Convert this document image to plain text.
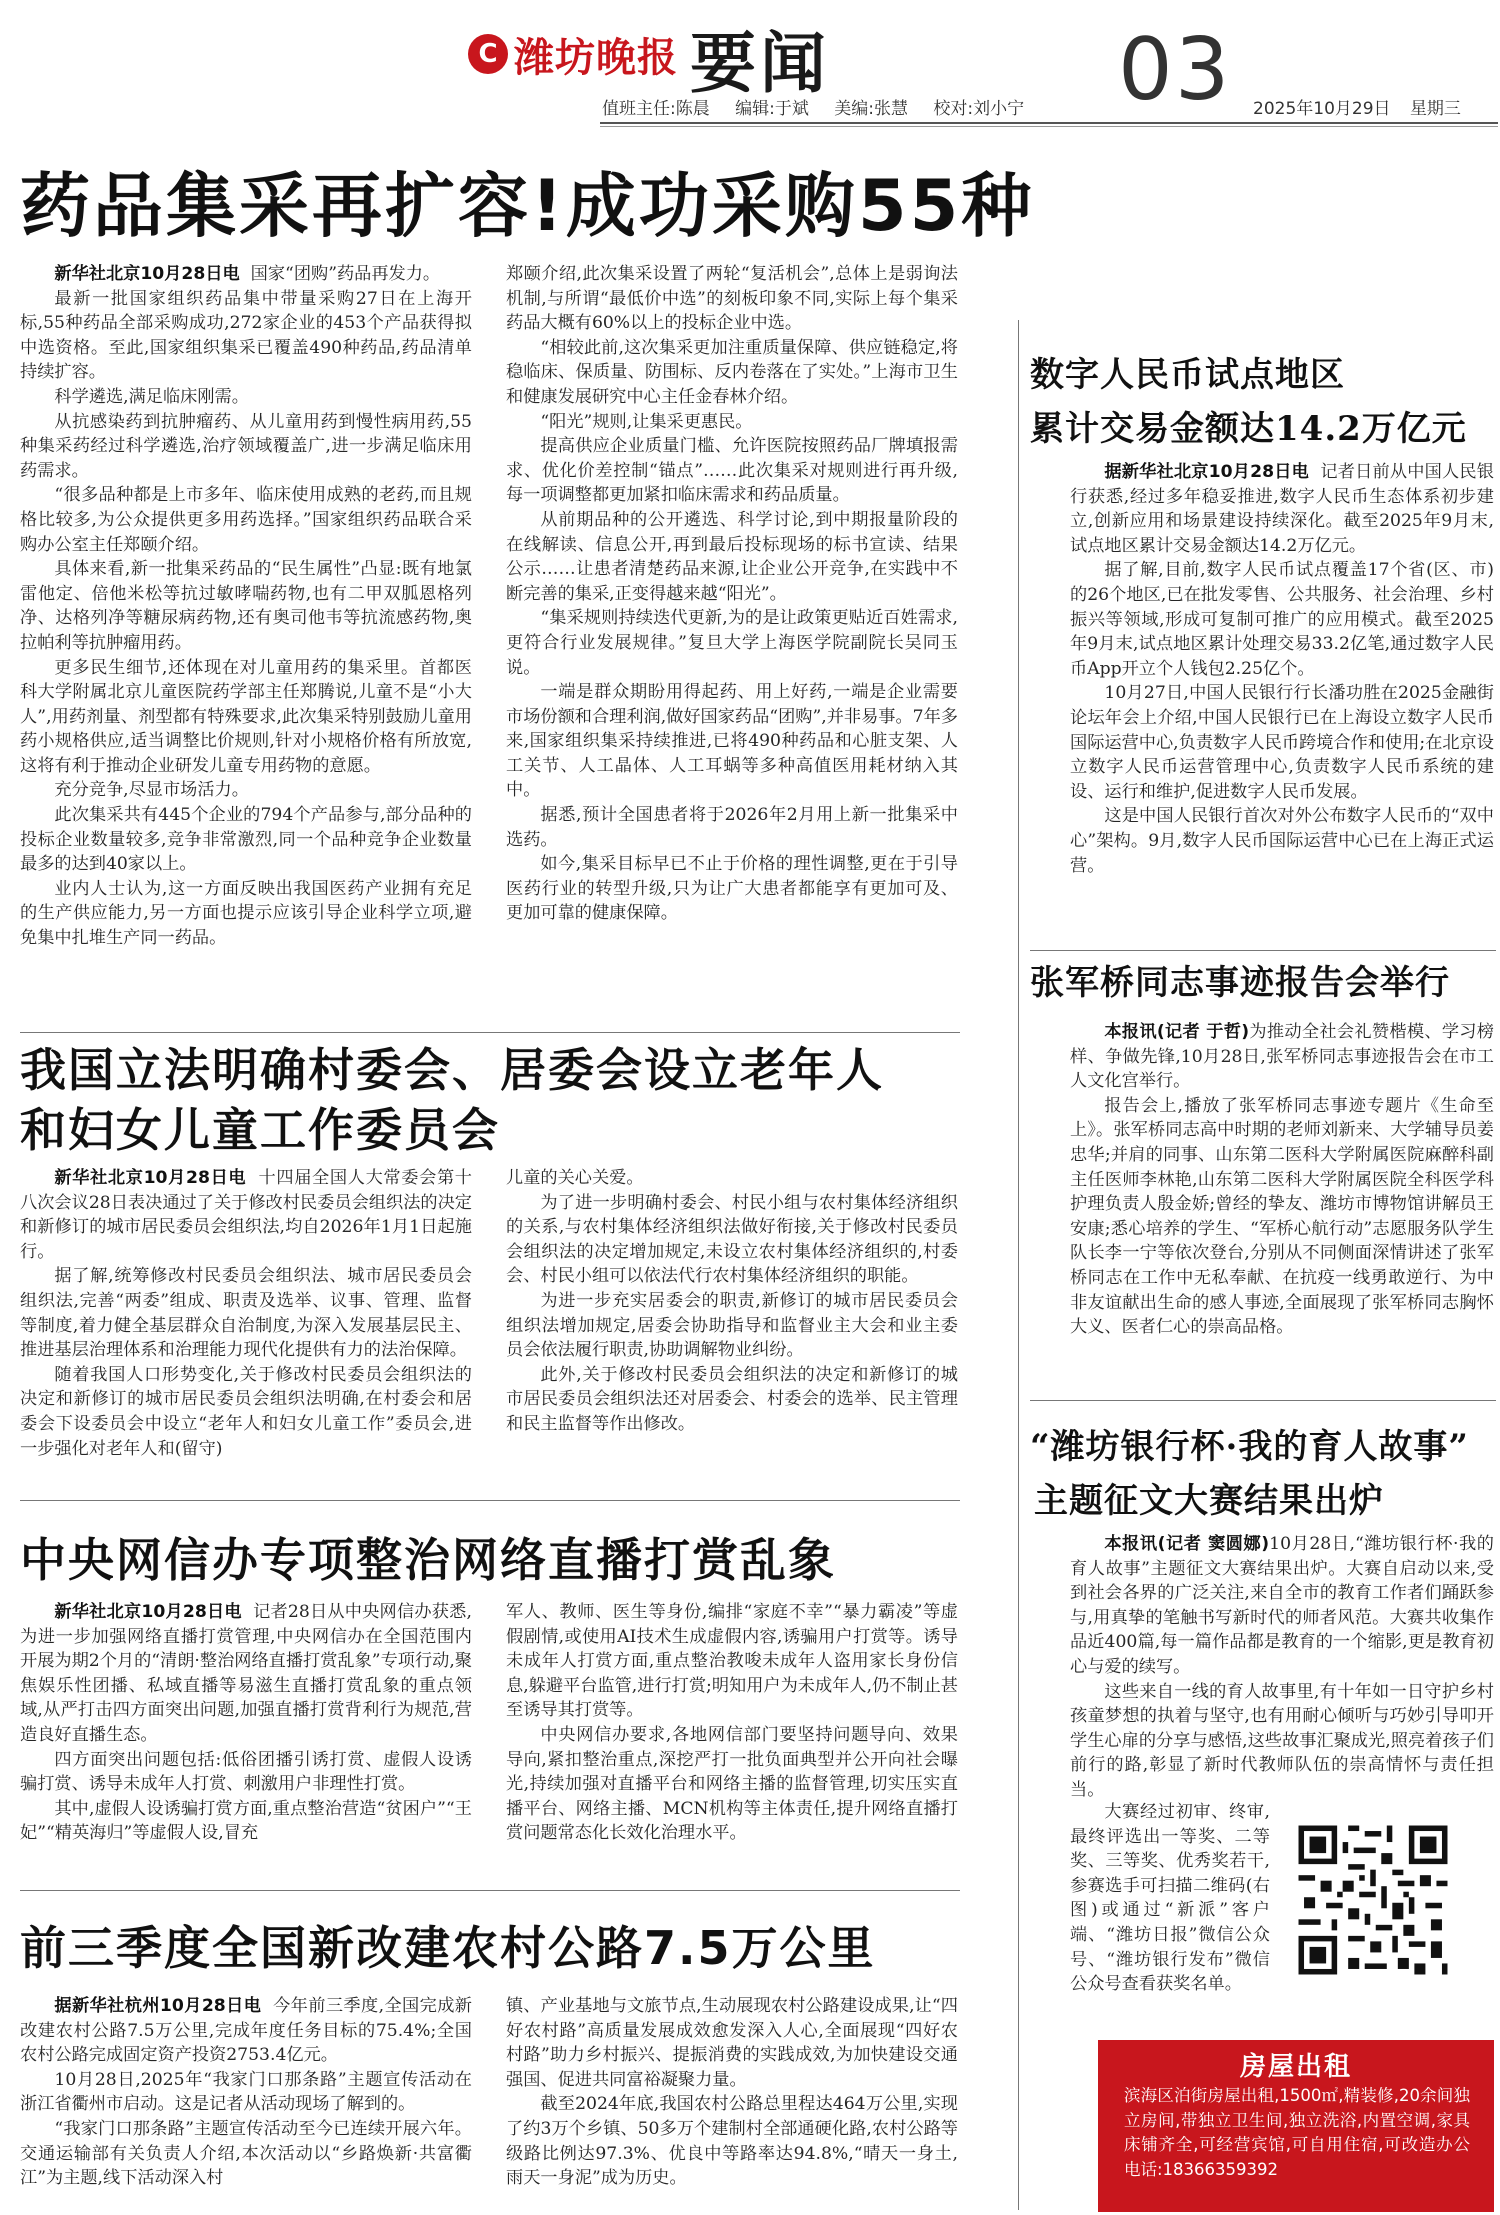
C 潍坊晚报 要闻	03
值班主任:陈晨 编辑:于斌 美编:张慧 校对:刘小宁	2025年10月29日 星期三
药品集采再扩容!成功采购55种

新华社北京10月28日电 国家“团购”药品再发力。

最新一批国家组织药品集中带量采购27日在上海开标,55种药品全部采购成功,272家企业的453个产品获得拟中选资格。至此,国家组织集采已覆盖490种药品,药品清单持续扩容。

科学遴选,满足临床刚需。

从抗感染药到抗肿瘤药、从儿童用药到慢性病用药,55种集采药经过科学遴选,治疗领域覆盖广,进一步满足临床用药需求。

“很多品种都是上市多年、临床使用成熟的老药,而且规格比较多,为公众提供更多用药选择。”国家组织药品联合采购办公室主任郑颐介绍。

具体来看,新一批集采药品的“民生属性”凸显:既有地氯雷他定、倍他米松等抗过敏哮喘药物,也有二甲双胍恩格列净、达格列净等糖尿病药物,还有奥司他韦等抗流感药物,奥拉帕利等抗肿瘤用药。

更多民生细节,还体现在对儿童用药的集采里。首都医科大学附属北京儿童医院药学部主任郑腾说,儿童不是“小大人”,用药剂量、剂型都有特殊要求,此次集采特别鼓励儿童用药小规格供应,适当调整比价规则,针对小规格价格有所放宽,这将有利于推动企业研发儿童专用药物的意愿。

充分竞争,尽显市场活力。

此次集采共有445个企业的794个产品参与,部分品种的投标企业数量较多,竞争非常激烈,同一个品种竞争企业数量最多的达到40家以上。

业内人士认为,这一方面反映出我国医药产业拥有充足的生产供应能力,另一方面也提示应该引导企业科学立项,避免集中扎堆生产同一药品。

郑颐介绍,此次集采设置了两轮“复活机会”,总体上是弱询法机制,与所谓“最低价中选”的刻板印象不同,实际上每个集采药品大概有60%以上的投标企业中选。

“相较此前,这次集采更加注重质量保障、供应链稳定,将稳临床、保质量、防围标、反内卷落在了实处。”上海市卫生和健康发展研究中心主任金春林介绍。

“阳光”规则,让集采更惠民。

提高供应企业质量门槛、允许医院按照药品厂牌填报需求、优化价差控制“锚点”……此次集采对规则进行再升级,每一项调整都更加紧扣临床需求和药品质量。

从前期品种的公开遴选、科学讨论,到中期报量阶段的在线解读、信息公开,再到最后投标现场的标书宣读、结果公示……让患者清楚药品来源,让企业公开竞争,在实践中不断完善的集采,正变得越来越“阳光”。

“集采规则持续迭代更新,为的是让政策更贴近百姓需求,更符合行业发展规律。”复旦大学上海医学院副院长吴同玉说。

一端是群众期盼用得起药、用上好药,一端是企业需要市场份额和合理利润,做好国家药品“团购”,并非易事。7年多来,国家组织集采持续推进,已将490种药品和心脏支架、人工关节、人工晶体、人工耳蜗等多种高值医用耗材纳入其中。

据悉,预计全国患者将于2026年2月用上新一批集采中选药。

如今,集采目标早已不止于价格的理性调整,更在于引导医药行业的转型升级,只为让广大患者都能享有更加可及、更加可靠的健康保障。

我国立法明确村委会、居委会设立老年人
和妇女儿童工作委员会

新华社北京10月28日电 十四届全国人大常委会第十八次会议28日表决通过了关于修改村民委员会组织法的决定和新修订的城市居民委员会组织法,均自2026年1月1日起施行。

据了解,统筹修改村民委员会组织法、城市居民委员会组织法,完善“两委”组成、职责及选举、议事、管理、监督等制度,着力健全基层群众自治制度,为深入发展基层民主、推进基层治理体系和治理能力现代化提供有力的法治保障。

随着我国人口形势变化,关于修改村民委员会组织法的决定和新修订的城市居民委员会组织法明确,在村委会和居委会下设委员会中设立“老年人和妇女儿童工作”委员会,进一步强化对老年人和(留守)

儿童的关心关爱。

为了进一步明确村委会、村民小组与农村集体经济组织的关系,与农村集体经济组织法做好衔接,关于修改村民委员会组织法的决定增加规定,未设立农村集体经济组织的,村委会、村民小组可以依法代行农村集体经济组织的职能。

为进一步充实居委会的职责,新修订的城市居民委员会组织法增加规定,居委会协助指导和监督业主大会和业主委员会依法履行职责,协助调解物业纠纷。

此外,关于修改村民委员会组织法的决定和新修订的城市居民委员会组织法还对居委会、村委会的选举、民主管理和民主监督等作出修改。

中央网信办专项整治网络直播打赏乱象

新华社北京10月28日电 记者28日从中央网信办获悉,为进一步加强网络直播打赏管理,中央网信办在全国范围内开展为期2个月的“清朗·整治网络直播打赏乱象”专项行动,聚焦娱乐性团播、私域直播等易滋生直播打赏乱象的重点领域,从严打击四方面突出问题,加强直播打赏背利行为规范,营造良好直播生态。

四方面突出问题包括:低俗团播引诱打赏、虚假人设诱骗打赏、诱导未成年人打赏、刺激用户非理性打赏。

其中,虚假人设诱骗打赏方面,重点整治营造“贫困户”“王妃”“精英海归”等虚假人设,冒充

军人、教师、医生等身份,编排“家庭不幸”“暴力霸凌”等虚假剧情,或使用AI技术生成虚假内容,诱骗用户打赏等。诱导未成年人打赏方面,重点整治教唆未成年人盗用家长身份信息,躲避平台监管,进行打赏;明知用户为未成年人,仍不制止甚至诱导其打赏等。

中央网信办要求,各地网信部门要坚持问题导向、效果导向,紧扣整治重点,深挖严打一批负面典型并公开向社会曝光,持续加强对直播平台和网络主播的监督管理,切实压实直播平台、网络主播、MCN机构等主体责任,提升网络直播打赏问题常态化长效化治理水平。

前三季度全国新改建农村公路7.5万公里

据新华社杭州10月28日电 今年前三季度,全国完成新改建农村公路7.5万公里,完成年度任务目标的75.4%;全国农村公路完成固定资产投资2753.4亿元。

10月28日,2025年“我家门口那条路”主题宣传活动在浙江省衢州市启动。这是记者从活动现场了解到的。

“我家门口那条路”主题宣传活动至今已连续开展六年。交通运输部有关负责人介绍,本次活动以“乡路焕新·共富衢江”为主题,线下活动深入村

镇、产业基地与文旅节点,生动展现农村公路建设成果,让“四好农村路”高质量发展成效愈发深入人心,全面展现“四好农村路”助力乡村振兴、提振消费的实践成效,为加快建设交通强国、促进共同富裕凝聚力量。

截至2024年底,我国农村公路总里程达464万公里,实现了约3万个乡镇、50多万个建制村全部通硬化路,农村公路等级路比例达97.3%、优良中等路率达94.8%,“晴天一身土,雨天一身泥”成为历史。

数字人民币试点地区
累计交易金额达14.2万亿元

据新华社北京10月28日电 记者日前从中国人民银行获悉,经过多年稳妥推进,数字人民币生态体系初步建立,创新应用和场景建设持续深化。截至2025年9月末,试点地区累计交易金额达14.2万亿元。

据了解,目前,数字人民币试点覆盖17个省(区、市)的26个地区,已在批发零售、公共服务、社会治理、乡村振兴等领域,形成可复制可推广的应用模式。截至2025年9月末,试点地区累计处理交易33.2亿笔,通过数字人民币App开立个人钱包2.25亿个。

10月27日,中国人民银行行长潘功胜在2025金融街论坛年会上介绍,中国人民银行已在上海设立数字人民币国际运营中心,负责数字人民币跨境合作和使用;在北京设立数字人民币运营管理中心,负责数字人民币系统的建设、运行和维护,促进数字人民币发展。

这是中国人民银行首次对外公布数字人民币的“双中心”架构。9月,数字人民币国际运营中心已在上海正式运营。

张军桥同志事迹报告会举行

本报讯(记者 于哲)为推动全社会礼赞楷模、学习榜样、争做先锋,10月28日,张军桥同志事迹报告会在市工人文化宫举行。

报告会上,播放了张军桥同志事迹专题片《生命至上》。张军桥同志高中时期的老师刘新来、大学辅导员姜忠华;并肩的同事、山东第二医科大学附属医院麻醉科副主任医师李林艳,山东第二医科大学附属医院全科医学科护理负责人殷金娇;曾经的挚友、潍坊市博物馆讲解员王安康;悉心培养的学生、“军桥心航行动”志愿服务队学生队长李一宁等依次登台,分别从不同侧面深情讲述了张军桥同志在工作中无私奉献、在抗疫一线勇敢逆行、为中非友谊献出生命的感人事迹,全面展现了张军桥同志胸怀大义、医者仁心的崇高品格。

“潍坊银行杯·我的育人故事”
主题征文大赛结果出炉

本报讯(记者 窦圆娜)10月28日,“潍坊银行杯·我的育人故事”主题征文大赛结果出炉。大赛自启动以来,受到社会各界的广泛关注,来自全市的教育工作者们踊跃参与,用真挚的笔触书写新时代的师者风范。大赛共收集作品近400篇,每一篇作品都是教育的一个缩影,更是教育初心与爱的续写。

这些来自一线的育人故事里,有十年如一日守护乡村孩童梦想的执着与坚守,也有用耐心倾听与巧妙引导叩开学生心扉的分享与感悟,这些故事汇聚成光,照亮着孩子们前行的路,彰显了新时代教师队伍的崇高情怀与责任担当。

大赛经过初审、终审,最终评选出一等奖、二等奖、三等奖、优秀奖若干,参赛选手可扫描二维码(右图)或通过“新派”客户端、“潍坊日报”微信公众号、“潍坊银行发布”微信公众号查看获奖名单。

房屋出租
滨海区泊街房屋出租,1500㎡,精装修,20余间独立房间,带独立卫生间,独立洗浴,内置空调,家具床铺齐全,可经营宾馆,可自用住宿,可改造办公 电话:18366359392
